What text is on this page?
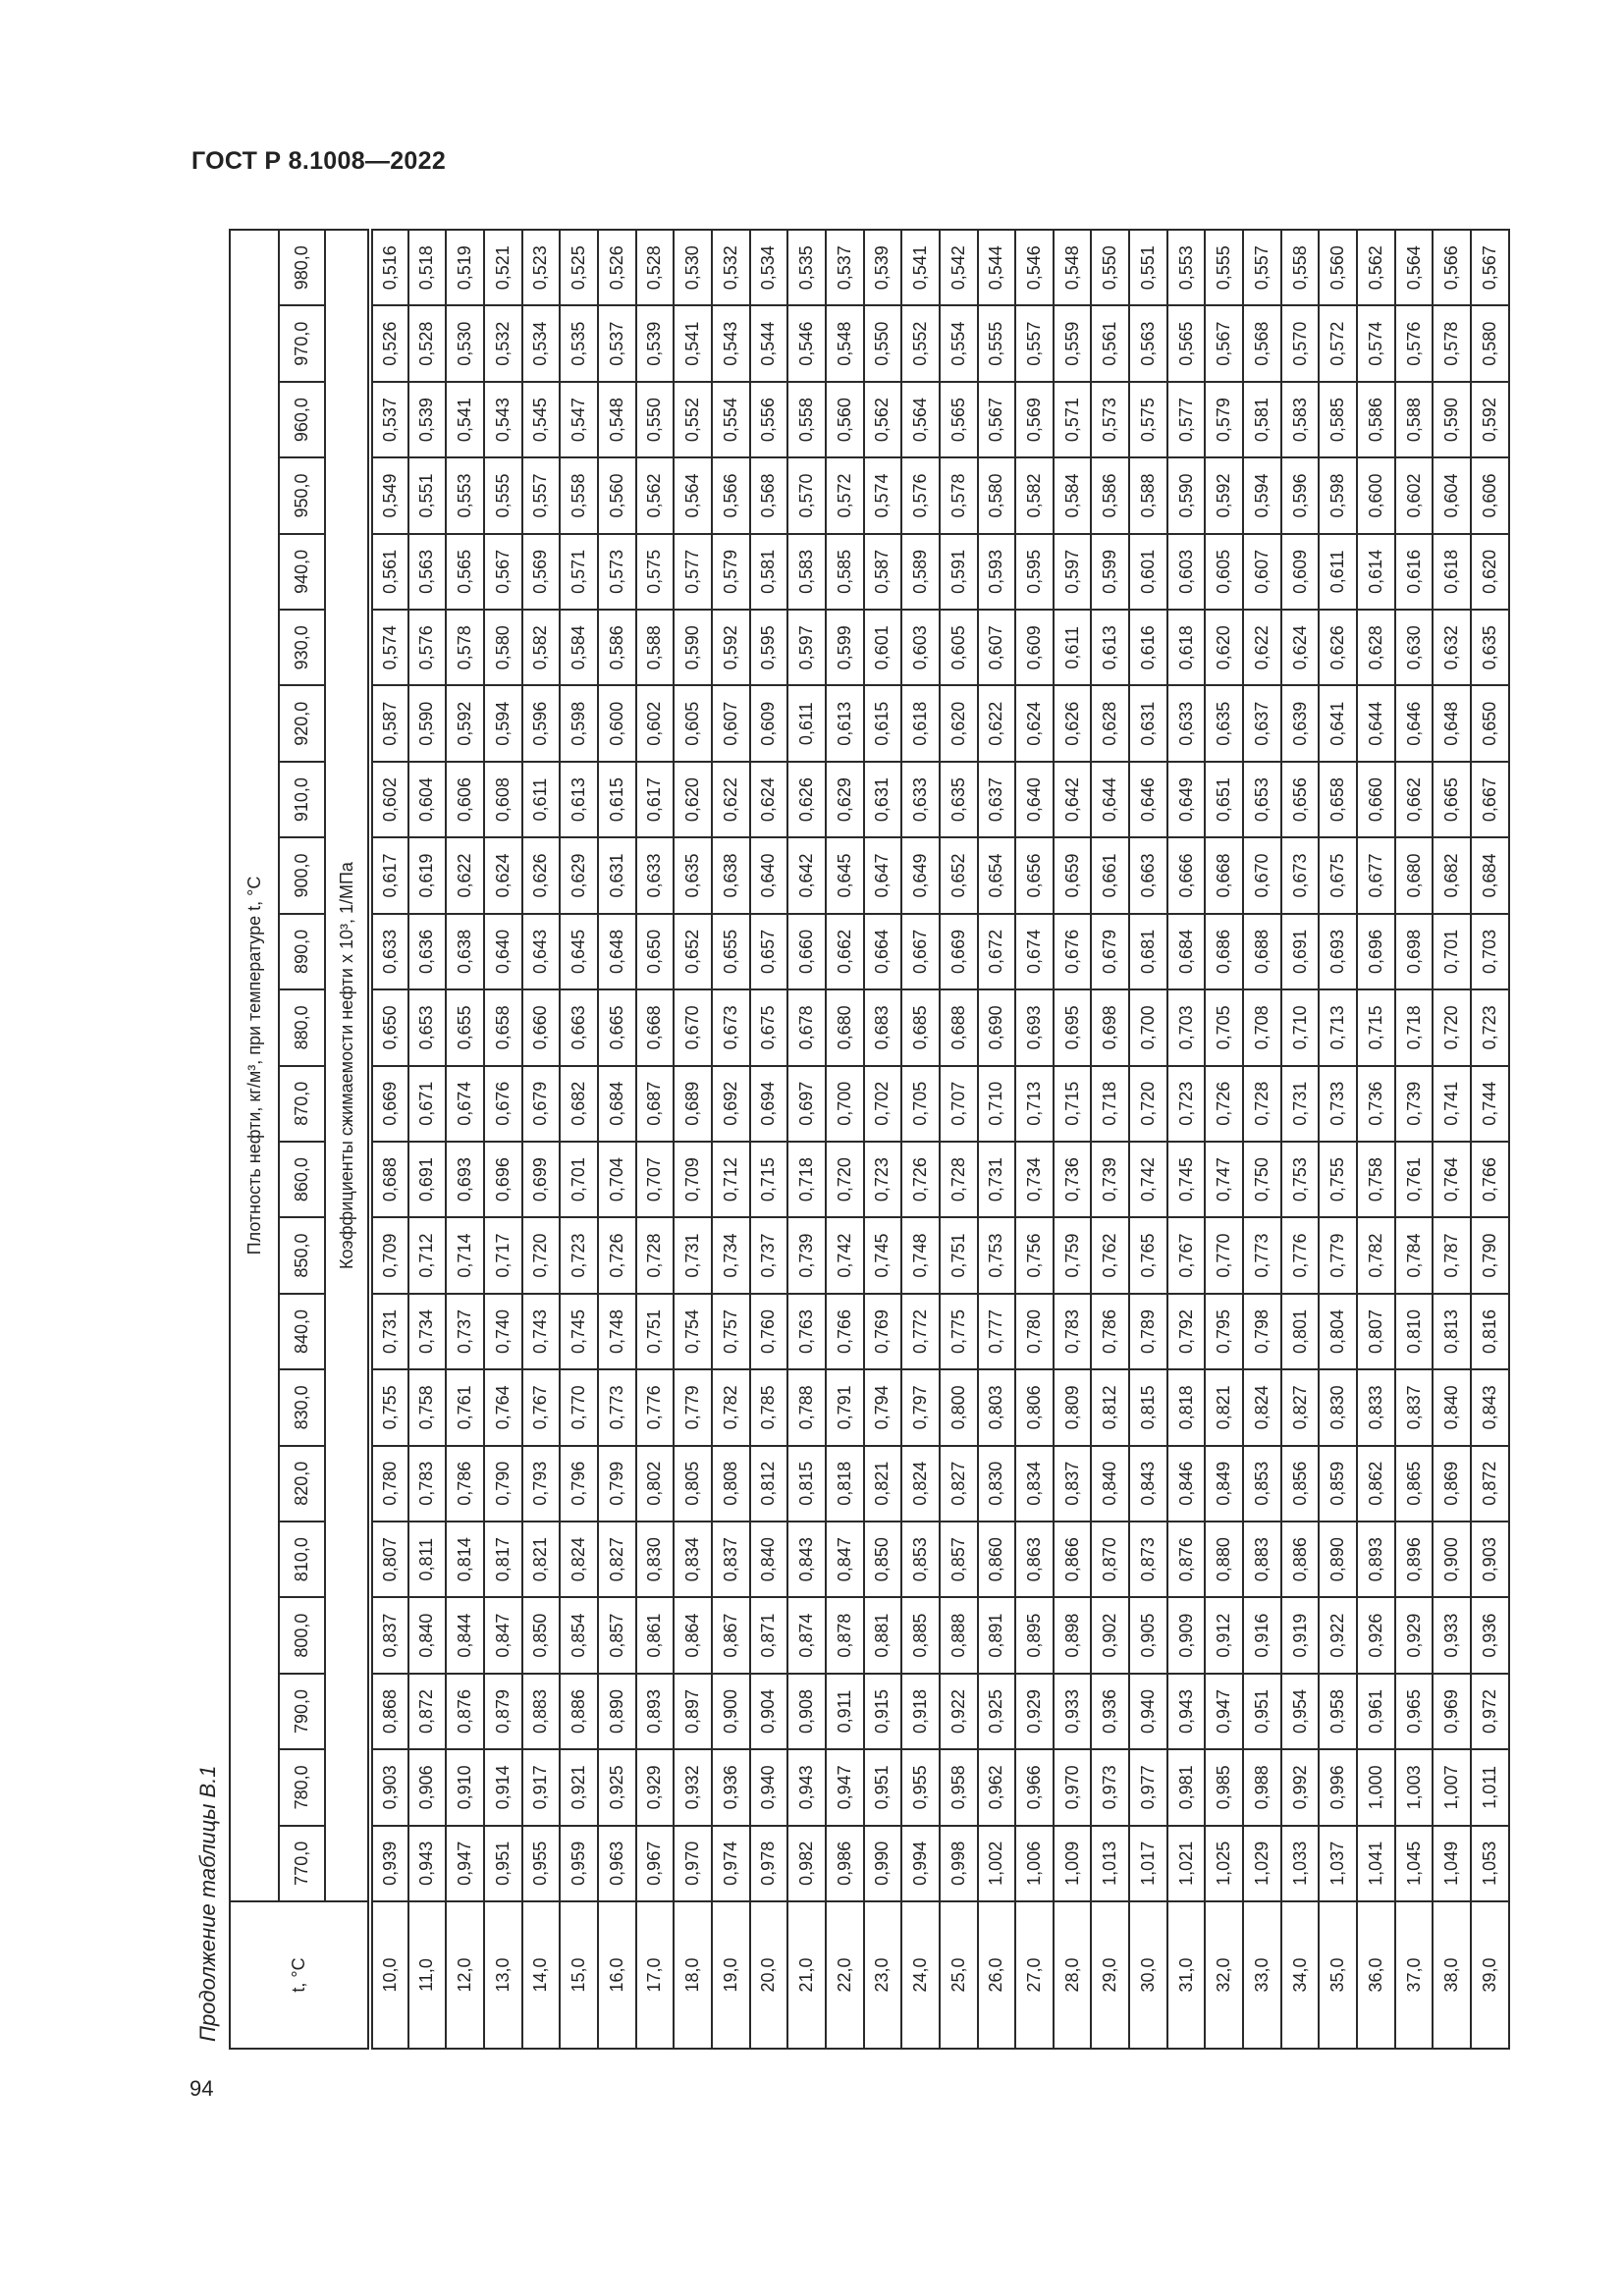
ГОСТ Р 8.1008—2022
Продолжение таблицы В.1
94
t, °C	Плотность нефти, кг/м³, при температуре t, °C																					
	770,0	780,0	790,0	800,0	810,0	820,0	830,0	840,0	850,0	860,0	870,0	880,0	890,0	900,0	910,0	920,0	930,0	940,0	950,0	960,0	970,0	980,0
	Коэффициенты сжимаемости нефти х 10³, 1/МПа																					
10,0	0,939	0,903	0,868	0,837	0,807	0,780	0,755	0,731	0,709	0,688	0,669	0,650	0,633	0,617	0,602	0,587	0,574	0,561	0,549	0,537	0,526	0,516
11,0	0,943	0,906	0,872	0,840	0,811	0,783	0,758	0,734	0,712	0,691	0,671	0,653	0,636	0,619	0,604	0,590	0,576	0,563	0,551	0,539	0,528	0,518
12,0	0,947	0,910	0,876	0,844	0,814	0,786	0,761	0,737	0,714	0,693	0,674	0,655	0,638	0,622	0,606	0,592	0,578	0,565	0,553	0,541	0,530	0,519
13,0	0,951	0,914	0,879	0,847	0,817	0,790	0,764	0,740	0,717	0,696	0,676	0,658	0,640	0,624	0,608	0,594	0,580	0,567	0,555	0,543	0,532	0,521
14,0	0,955	0,917	0,883	0,850	0,821	0,793	0,767	0,743	0,720	0,699	0,679	0,660	0,643	0,626	0,611	0,596	0,582	0,569	0,557	0,545	0,534	0,523
15,0	0,959	0,921	0,886	0,854	0,824	0,796	0,770	0,745	0,723	0,701	0,682	0,663	0,645	0,629	0,613	0,598	0,584	0,571	0,558	0,547	0,535	0,525
16,0	0,963	0,925	0,890	0,857	0,827	0,799	0,773	0,748	0,726	0,704	0,684	0,665	0,648	0,631	0,615	0,600	0,586	0,573	0,560	0,548	0,537	0,526
17,0	0,967	0,929	0,893	0,861	0,830	0,802	0,776	0,751	0,728	0,707	0,687	0,668	0,650	0,633	0,617	0,602	0,588	0,575	0,562	0,550	0,539	0,528
18,0	0,970	0,932	0,897	0,864	0,834	0,805	0,779	0,754	0,731	0,709	0,689	0,670	0,652	0,635	0,620	0,605	0,590	0,577	0,564	0,552	0,541	0,530
19,0	0,974	0,936	0,900	0,867	0,837	0,808	0,782	0,757	0,734	0,712	0,692	0,673	0,655	0,638	0,622	0,607	0,592	0,579	0,566	0,554	0,543	0,532
20,0	0,978	0,940	0,904	0,871	0,840	0,812	0,785	0,760	0,737	0,715	0,694	0,675	0,657	0,640	0,624	0,609	0,595	0,581	0,568	0,556	0,544	0,534
21,0	0,982	0,943	0,908	0,874	0,843	0,815	0,788	0,763	0,739	0,718	0,697	0,678	0,660	0,642	0,626	0,611	0,597	0,583	0,570	0,558	0,546	0,535
22,0	0,986	0,947	0,911	0,878	0,847	0,818	0,791	0,766	0,742	0,720	0,700	0,680	0,662	0,645	0,629	0,613	0,599	0,585	0,572	0,560	0,548	0,537
23,0	0,990	0,951	0,915	0,881	0,850	0,821	0,794	0,769	0,745	0,723	0,702	0,683	0,664	0,647	0,631	0,615	0,601	0,587	0,574	0,562	0,550	0,539
24,0	0,994	0,955	0,918	0,885	0,853	0,824	0,797	0,772	0,748	0,726	0,705	0,685	0,667	0,649	0,633	0,618	0,603	0,589	0,576	0,564	0,552	0,541
25,0	0,998	0,958	0,922	0,888	0,857	0,827	0,800	0,775	0,751	0,728	0,707	0,688	0,669	0,652	0,635	0,620	0,605	0,591	0,578	0,565	0,554	0,542
26,0	1,002	0,962	0,925	0,891	0,860	0,830	0,803	0,777	0,753	0,731	0,710	0,690	0,672	0,654	0,637	0,622	0,607	0,593	0,580	0,567	0,555	0,544
27,0	1,006	0,966	0,929	0,895	0,863	0,834	0,806	0,780	0,756	0,734	0,713	0,693	0,674	0,656	0,640	0,624	0,609	0,595	0,582	0,569	0,557	0,546
28,0	1,009	0,970	0,933	0,898	0,866	0,837	0,809	0,783	0,759	0,736	0,715	0,695	0,676	0,659	0,642	0,626	0,611	0,597	0,584	0,571	0,559	0,548
29,0	1,013	0,973	0,936	0,902	0,870	0,840	0,812	0,786	0,762	0,739	0,718	0,698	0,679	0,661	0,644	0,628	0,613	0,599	0,586	0,573	0,561	0,550
30,0	1,017	0,977	0,940	0,905	0,873	0,843	0,815	0,789	0,765	0,742	0,720	0,700	0,681	0,663	0,646	0,631	0,616	0,601	0,588	0,575	0,563	0,551
31,0	1,021	0,981	0,943	0,909	0,876	0,846	0,818	0,792	0,767	0,745	0,723	0,703	0,684	0,666	0,649	0,633	0,618	0,603	0,590	0,577	0,565	0,553
32,0	1,025	0,985	0,947	0,912	0,880	0,849	0,821	0,795	0,770	0,747	0,726	0,705	0,686	0,668	0,651	0,635	0,620	0,605	0,592	0,579	0,567	0,555
33,0	1,029	0,988	0,951	0,916	0,883	0,853	0,824	0,798	0,773	0,750	0,728	0,708	0,688	0,670	0,653	0,637	0,622	0,607	0,594	0,581	0,568	0,557
34,0	1,033	0,992	0,954	0,919	0,886	0,856	0,827	0,801	0,776	0,753	0,731	0,710	0,691	0,673	0,656	0,639	0,624	0,609	0,596	0,583	0,570	0,558
35,0	1,037	0,996	0,958	0,922	0,890	0,859	0,830	0,804	0,779	0,755	0,733	0,713	0,693	0,675	0,658	0,641	0,626	0,611	0,598	0,585	0,572	0,560
36,0	1,041	1,000	0,961	0,926	0,893	0,862	0,833	0,807	0,782	0,758	0,736	0,715	0,696	0,677	0,660	0,644	0,628	0,614	0,600	0,586	0,574	0,562
37,0	1,045	1,003	0,965	0,929	0,896	0,865	0,837	0,810	0,784	0,761	0,739	0,718	0,698	0,680	0,662	0,646	0,630	0,616	0,602	0,588	0,576	0,564
38,0	1,049	1,007	0,969	0,933	0,900	0,869	0,840	0,813	0,787	0,764	0,741	0,720	0,701	0,682	0,665	0,648	0,632	0,618	0,604	0,590	0,578	0,566
39,0	1,053	1,011	0,972	0,936	0,903	0,872	0,843	0,816	0,790	0,766	0,744	0,723	0,703	0,684	0,667	0,650	0,635	0,620	0,606	0,592	0,580	0,567
